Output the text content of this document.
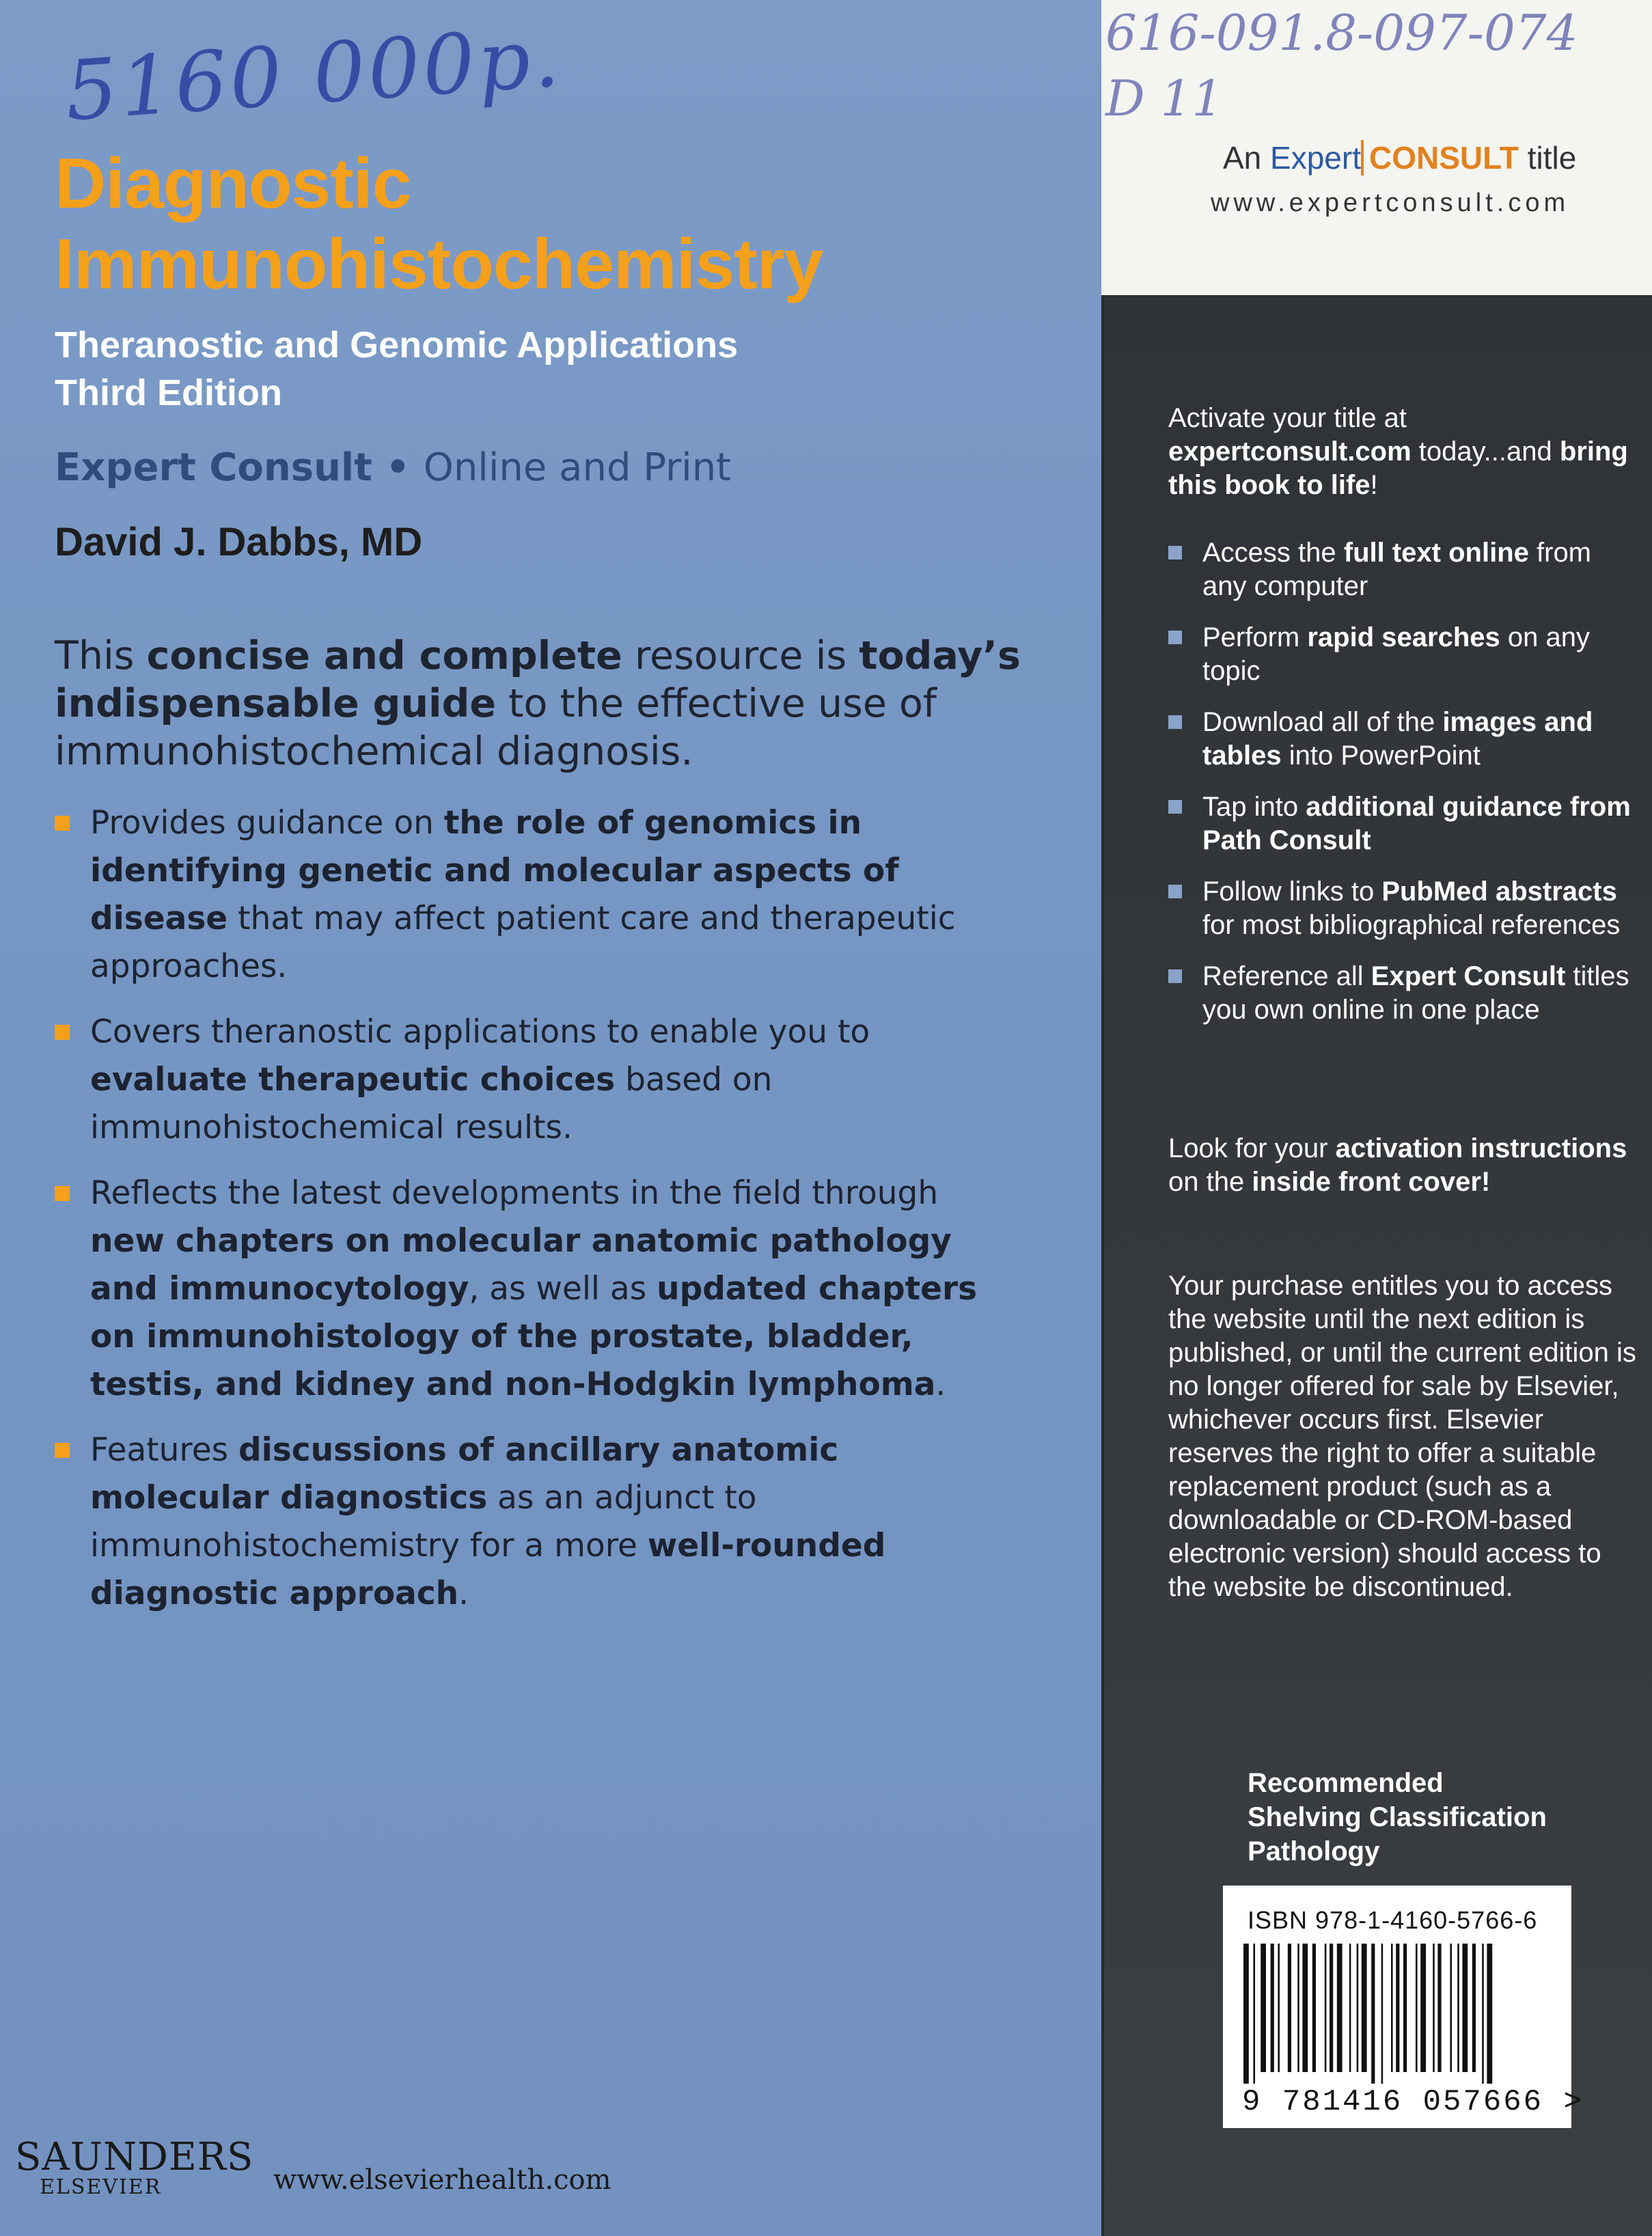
5160 000р.
Diagnostic
Immunohistochemistry
Theranostic and Genomic Applications
Third Edition
Expert Consult • Online and Print
David J. Dabbs, MD
This concise and complete resource is today’s indispensable guide to the effective use of immunohistochemical diagnosis.
Provides guidance on the role of genomics in identifying genetic and molecular aspects of disease that may affect patient care and therapeutic approaches.
Covers theranostic applications to enable you to evaluate therapeutic choices based on immunohistochemical results.
Reflects the latest developments in the field through new chapters on molecular anatomic pathology and immunocytology, as well as updated chapters on immunohistology of the prostate, bladder, testis, and kidney and non-Hodgkin lymphoma.
Features discussions of ancillary anatomic molecular diagnostics as an adjunct to immunohistochemistry for a more well-rounded diagnostic approach.
SAUNDERS
ELSEVIER	www.elsevierhealth.com
616-091.8-097-074
D 11
An Expert CONSULT title
www.expertconsult.com
Activate your title at expertconsult.com today...and bring this book to life!
Access the full text online from any computer
Perform rapid searches on any topic
Download all of the images and tables into PowerPoint
Tap into additional guidance from Path Consult
Follow links to PubMed abstracts for most bibliographical references
Reference all Expert Consult titles you own online in one place
Look for your activation instructions on the inside front cover!
Your purchase entitles you to access the website until the next edition is published, or until the current edition is no longer offered for sale by Elsevier, whichever occurs first. Elsevier reserves the right to offer a suitable replacement product (such as a downloadable or CD-ROM-based electronic version) should access to the website be discontinued.
Recommended
Shelving Classification
Pathology
ISBN 978-1-4160-5766-6
9 781416 057666 >
